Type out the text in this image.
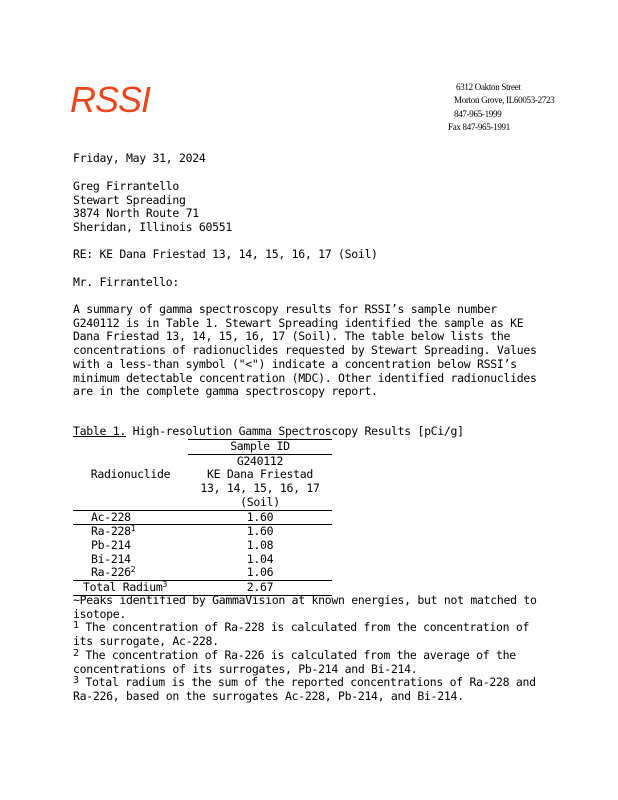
RSSI	6312 Oakton Street
Morton Grove, IL60053-2723
847-965-1999
Fax 847-965-1991
Friday, May 31, 2024
Greg Firrantello
Stewart Spreading
3874 North Route 71
Sheridan, Illinois 60551
RE: KE Dana Friestad 13, 14, 15, 16, 17 (Soil)
Mr. Firrantello:
A summary of gamma spectroscopy results for RSSI’s sample number G240112 is in Table 1. Stewart Spreading identified the sample as KE Dana Friestad 13, 14, 15, 16, 17 (Soil). The table below lists the concentrations of radionuclides requested by Stewart Spreading. Values with a less-than symbol ("<") indicate a concentration below RSSI’s minimum detectable concentration (MDC). Other identified radionuclides are in the complete gamma spectroscopy report.
Table 1. High-resolution Gamma Spectroscopy Results [pCi/g]
Radionuclide	Sample ID
	G240112
	KE Dana Friestad
	13, 14, 15, 16, 17
	(Soil)
Ac-228	1.60
$Ra-228^1$	1.60
Pb-214	1.08
Bi-214	1.04
$Ra-226^2$	1.06
Total Radium$^3$	2.67
~Peaks identified by GammaVision at known energies, but not matched to isotope.
1 The concentration of Ra-228 is calculated from the concentration of its surrogate, Ac-228.
2 The concentration of Ra-226 is calculated from the average of the concentrations of its surrogates, Pb-214 and Bi-214.
3 Total radium is the sum of the reported concentrations of Ra-228 and Ra-226, based on the surrogates Ac-228, Pb-214, and Bi-214.
